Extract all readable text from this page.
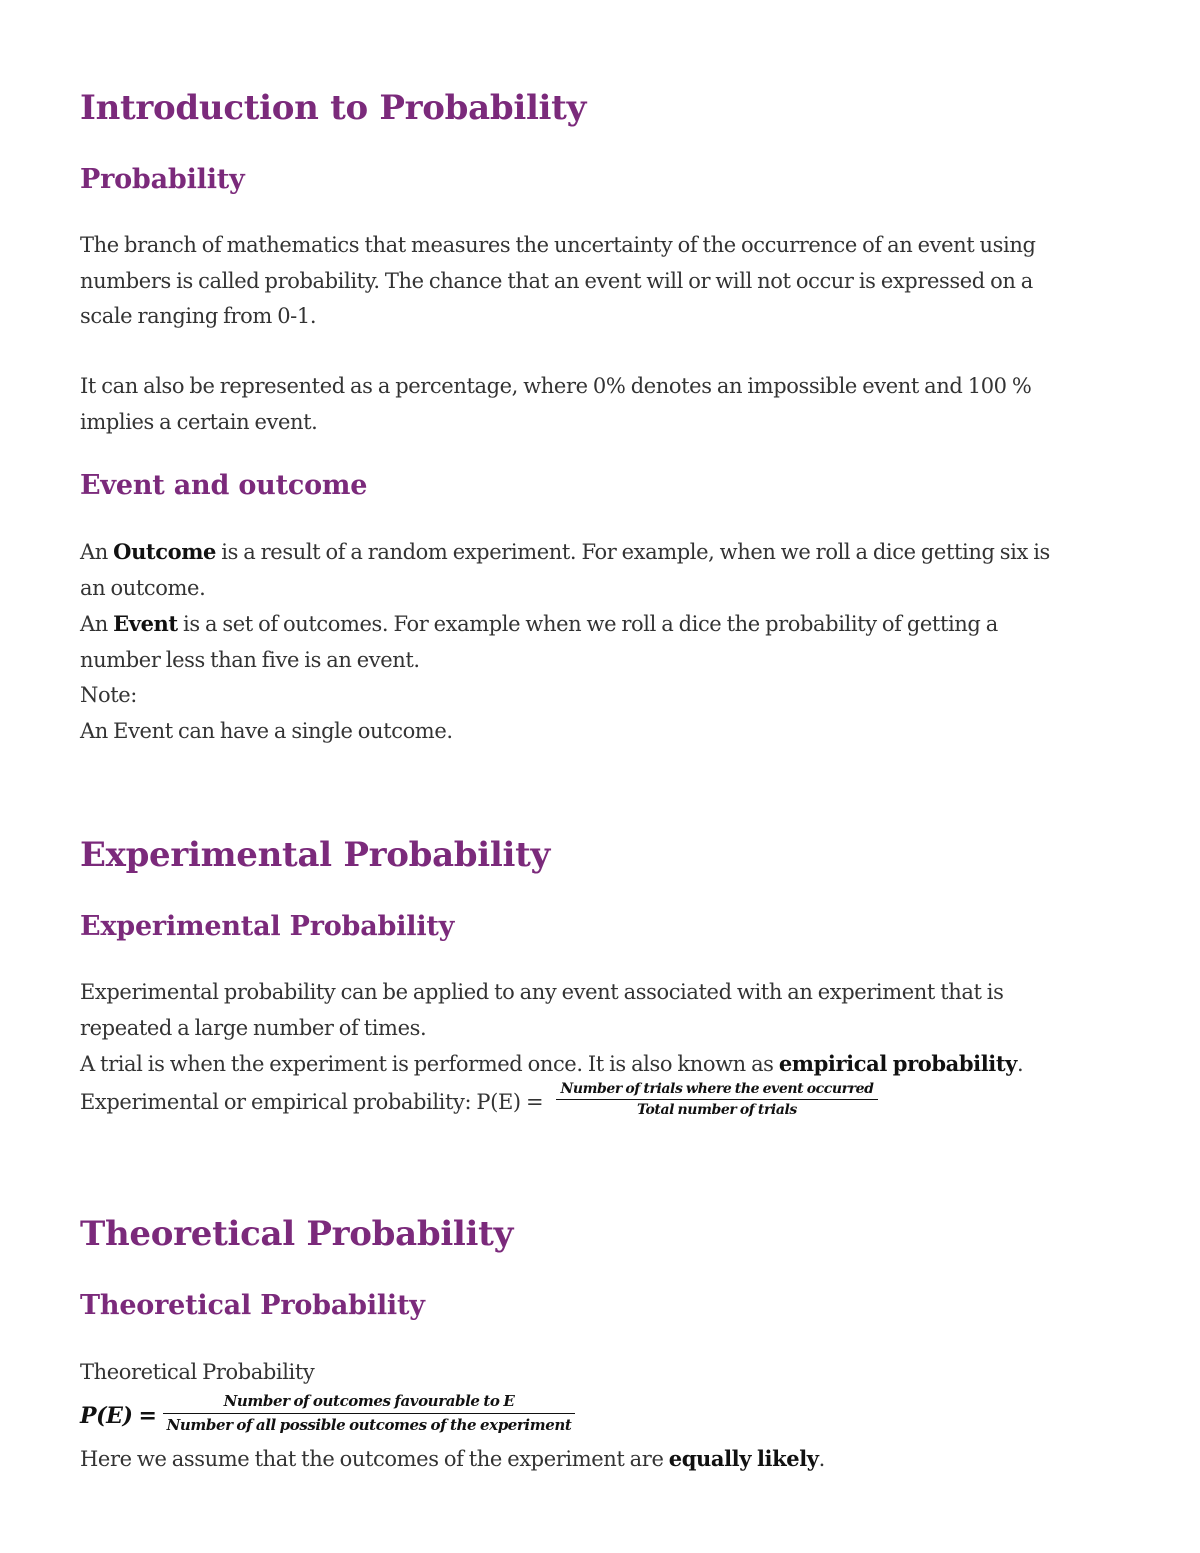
Introduction to Probability
Probability

The branch of mathematics that measures the uncertainty of the occurrence of an event using
numbers is called probability. The chance that an event will or will not occur is expressed on a
scale ranging from 0-1.

It can also be represented as a percentage, where 0% denotes an impossible event and 100 %
implies a certain event.

Event and outcome

An Outcome is a result of a random experiment. For example, when we roll a dice getting six is
an outcome.
An Event is a set of outcomes. For example when we roll a dice the probability of getting a
number less than five is an event.
Note:
An Event can have a single outcome.

Experimental Probability
Experimental Probability

Experimental probability can be applied to any event associated with an experiment that is
repeated a large number of times.
A trial is when the experiment is performed once. It is also known as empirical probability.
Experimental or empirical probability: $P(E) = \frac{\text{Number of trials where the event occurred}}{\text{Total number of trials}}$

Theoretical Probability
Theoretical Probability

Theoretical Probability
$P(E) = \frac{\text{Number of outcomes favourable to E}}{\text{Number of all possible outcomes of the experiment}}$
Here we assume that the outcomes of the experiment are equally likely.
